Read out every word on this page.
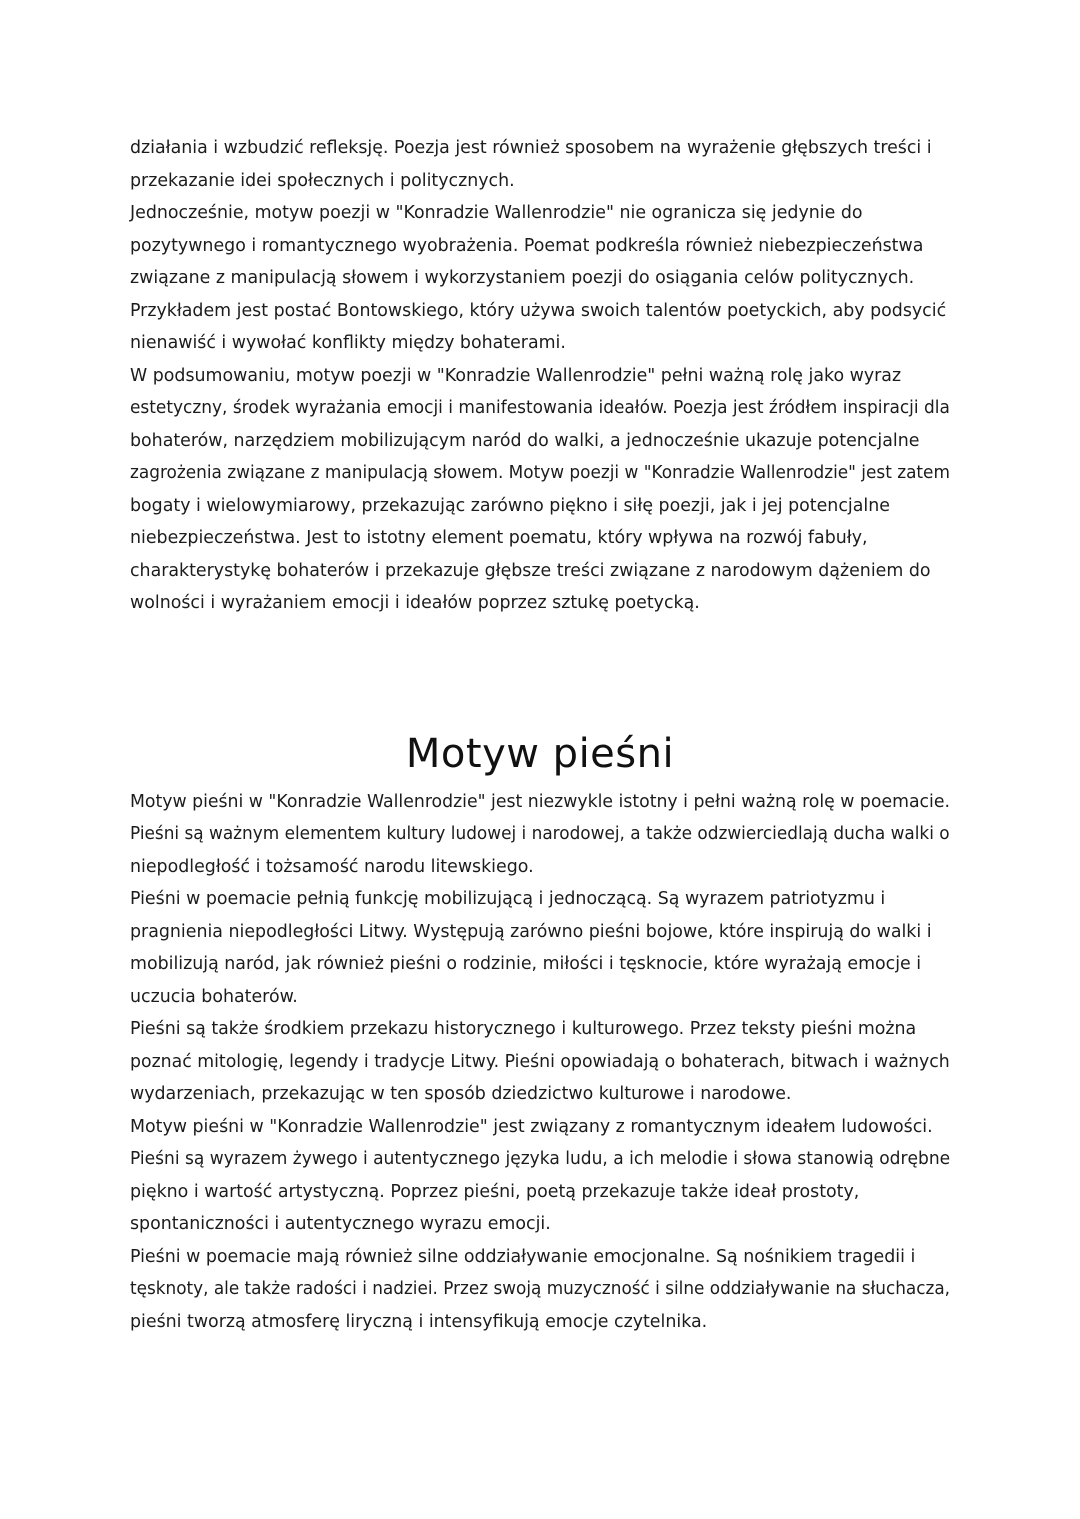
działania i wzbudzić refleksję. Poezja jest również sposobem na wyrażenie głębszych treści i
przekazanie idei społecznych i politycznych.
Jednocześnie, motyw poezji w "Konradzie Wallenrodzie" nie ogranicza się jedynie do
pozytywnego i romantycznego wyobrażenia. Poemat podkreśla również niebezpieczeństwa
związane z manipulacją słowem i wykorzystaniem poezji do osiągania celów politycznych.
Przykładem jest postać Bontowskiego, który używa swoich talentów poetyckich, aby podsycić
nienawiść i wywołać konflikty między bohaterami.
W podsumowaniu, motyw poezji w "Konradzie Wallenrodzie" pełni ważną rolę jako wyraz
estetyczny, środek wyrażania emocji i manifestowania ideałów. Poezja jest źródłem inspiracji dla
bohaterów, narzędziem mobilizującym naród do walki, a jednocześnie ukazuje potencjalne
zagrożenia związane z manipulacją słowem. Motyw poezji w "Konradzie Wallenrodzie" jest zatem
bogaty i wielowymiarowy, przekazując zarówno piękno i siłę poezji, jak i jej potencjalne
niebezpieczeństwa. Jest to istotny element poematu, który wpływa na rozwój fabuły,
charakterystykę bohaterów i przekazuje głębsze treści związane z narodowym dążeniem do
wolności i wyrażaniem emocji i ideałów poprzez sztukę poetycką.
Motyw pieśni
Motyw pieśni w "Konradzie Wallenrodzie" jest niezwykle istotny i pełni ważną rolę w poemacie.
Pieśni są ważnym elementem kultury ludowej i narodowej, a także odzwierciedlają ducha walki o
niepodległość i tożsamość narodu litewskiego.
Pieśni w poemacie pełnią funkcję mobilizującą i jednoczącą. Są wyrazem patriotyzmu i
pragnienia niepodległości Litwy. Występują zarówno pieśni bojowe, które inspirują do walki i
mobilizują naród, jak również pieśni o rodzinie, miłości i tęsknocie, które wyrażają emocje i
uczucia bohaterów.
Pieśni są także środkiem przekazu historycznego i kulturowego. Przez teksty pieśni można
poznać mitologię, legendy i tradycje Litwy. Pieśni opowiadają o bohaterach, bitwach i ważnych
wydarzeniach, przekazując w ten sposób dziedzictwo kulturowe i narodowe.
Motyw pieśni w "Konradzie Wallenrodzie" jest związany z romantycznym ideałem ludowości.
Pieśni są wyrazem żywego i autentycznego języka ludu, a ich melodie i słowa stanowią odrębne
piękno i wartość artystyczną. Poprzez pieśni, poetą przekazuje także ideał prostoty,
spontaniczności i autentycznego wyrazu emocji.
Pieśni w poemacie mają również silne oddziaływanie emocjonalne. Są nośnikiem tragedii i
tęsknoty, ale także radości i nadziei. Przez swoją muzyczność i silne oddziaływanie na słuchacza,
pieśni tworzą atmosferę liryczną i intensyfikują emocje czytelnika.
